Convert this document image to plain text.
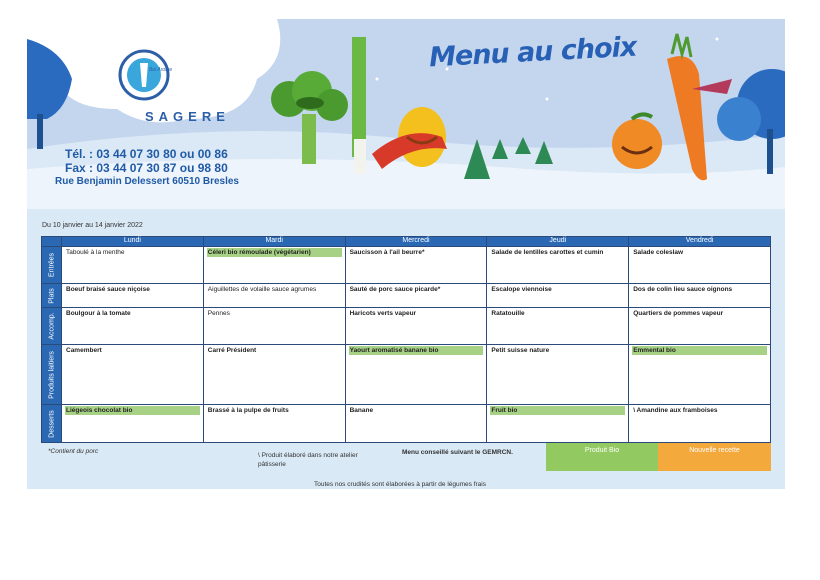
Bel Arome
SAGERE
Menu au choix
Tél. : 03 44 07 30 80 ou 00 86
Fax : 03 44 07 30 87 ou 98 80
Rue Benjamin Delessert 60510 Bresles
Du 10 janvier au 14 janvier 2022
	Lundi	Mardi	Mercredi	Jeudi	Vendredi

Entrées	Taboulé à la menthe	Céleri bio rémoulade (végétarien)	Saucisson à l'ail beurre*	Salade de lentilles carottes et cumin	Salade coleslaw

Plats	Boeuf braisé sauce niçoise	Aiguillettes de volaille sauce agrumes	Sauté de porc sauce picarde*	Escalope viennoise	Dos de colin lieu sauce oignons

Accomp.	Boulgour à la tomate	Pennes	Haricots verts vapeur	Ratatouille	Quartiers de pommes vapeur

Produits laitiers	Camembert	Carré Président	Yaourt aromatisé banane bio	Petit suisse nature	Emmental bio

Desserts	Liégeois chocolat bio	Brassé à la pulpe de fruits	Banane	Fruit bio	\ Amandine aux framboises
*Contient du porc
\ Produit élaboré dans notre atelier
pâtisserie
Menu conseillé suivant le GEMRCN.	Produit Bio	Nouvelle recette
Toutes nos crudités sont élaborées à partir de légumes frais
